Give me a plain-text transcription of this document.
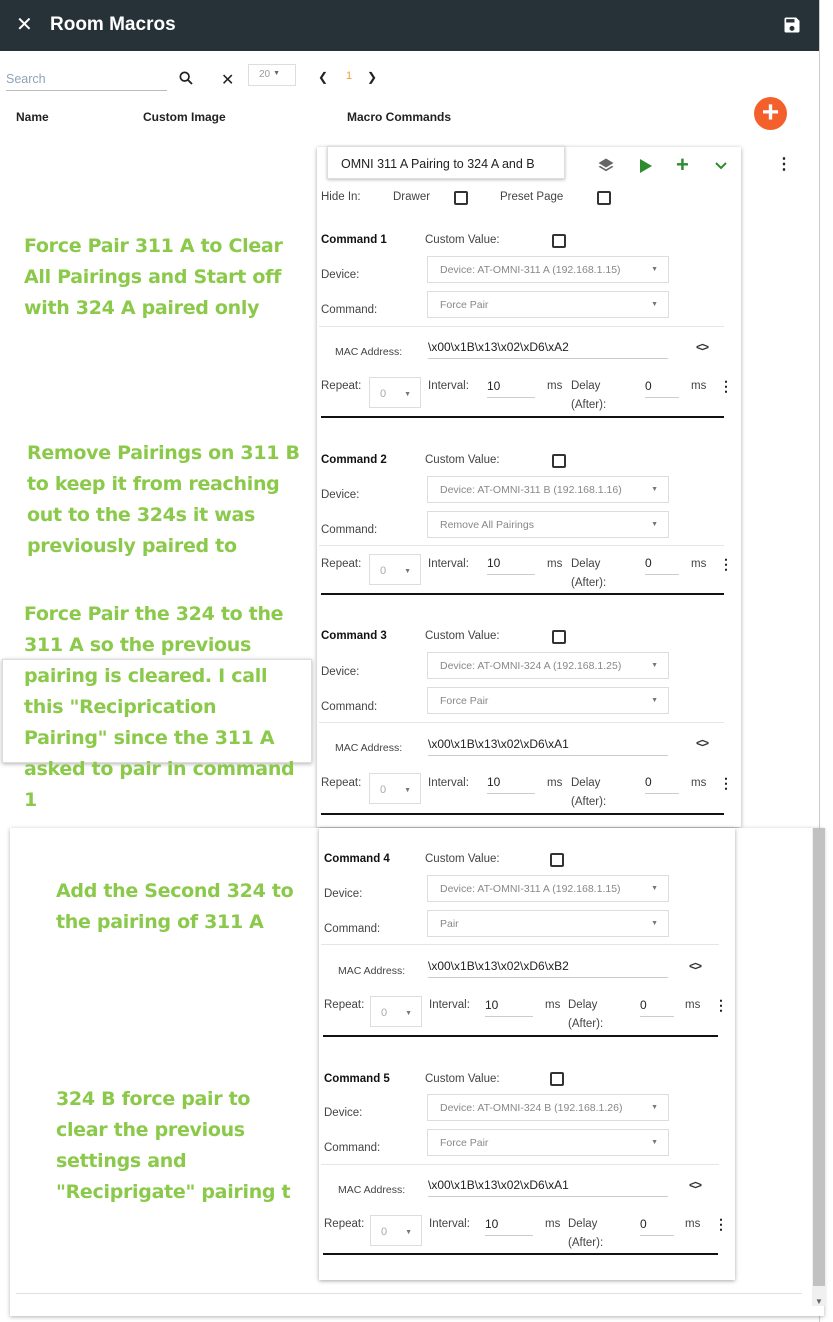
✕ Room Macros
Search
✕	20 ▼	❮ 1 ❯
Name	Custom Image	Macro Commands	+
OMNI 311 A Pairing to 324 A and B	+	⋮
Hide In:	Drawer	Preset Page
Command 1	Custom Value:
Device:	Device: AT-OMNI-311 A (192.168.1.15)	▼
Command:	Force Pair	▼
MAC Address: \x00\x1B\x13\x02\xD6\xA2	<>
Repeat:
0	▼
Interval: 10	ms Delay
(After):
0	ms ⋮
Command 2	Custom Value:
Device:	Device: AT-OMNI-311 B (192.168.1.16)	▼
Command:	Remove All Pairings	▼
Repeat:
0	▼
Interval: 10	ms Delay
(After):
0	ms ⋮
Command 3	Custom Value:
Device:	Device: AT-OMNI-324 A (192.168.1.25)	▼
Command:	Force Pair	▼
MAC Address: \x00\x1B\x13\x02\xD6\xA1	<>
Repeat:
0	▼
Interval: 10	ms Delay
(After):
0	ms ⋮
Force Pair 311 A to Clear
All Pairings and Start off
with 324 A paired only
Remove Pairings on 311 B
to keep it from reaching
out to the 324s it was
previously paired to
Force Pair the 324 to the
311 A so the previous
pairing is cleared. I call
this "Reciprication
Pairing" since the 311 A
asked to pair in command
1
▼
Command 4	Custom Value:
Device:	Device: AT-OMNI-311 A (192.168.1.15)	▼
Command:	Pair	▼
MAC Address: \x00\x1B\x13\x02\xD6\xB2	<>
Repeat:
0	▼
Interval: 10	ms Delay
(After):
0	ms ⋮
Command 5	Custom Value:
Device:	Device: AT-OMNI-324 B (192.168.1.26)	▼
Command:	Force Pair	▼
MAC Address: \x00\x1B\x13\x02\xD6\xA1	<>
Repeat:
0	▼
Interval: 10	ms Delay
(After):
0	ms ⋮
Add the Second 324 to
the pairing of 311 A
324 B force pair to
clear the previous
settings and
"Reciprigate" pairing t
